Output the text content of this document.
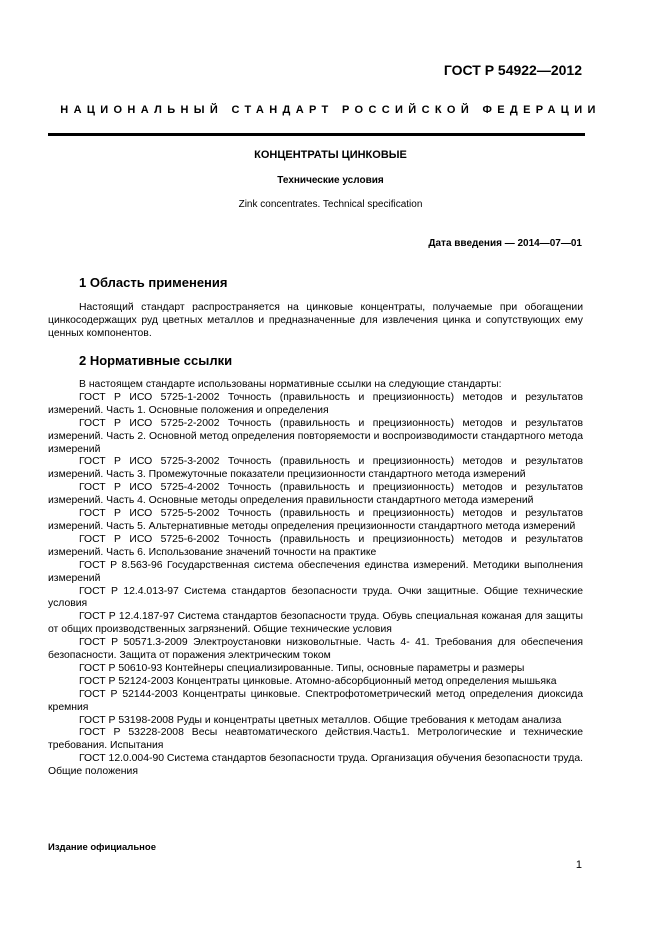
ГОСТ Р 54922—2012
НАЦИОНАЛЬНЫЙ СТАНДАРТ РОССИЙСКОЙ ФЕДЕРАЦИИ
КОНЦЕНТРАТЫ ЦИНКОВЫЕ
Технические условия
Zink concentrates. Technical specification
Дата введения — 2014—07—01
1 Область применения
Настоящий стандарт распространяется на цинковые концентраты, получаемые при обогащении цинкосодержащих руд цветных металлов и предназначенные для извлечения цинка и сопутствующих ему ценных компонентов.
2 Нормативные ссылки

В настоящем стандарте использованы нормативные ссылки на следующие стандарты:

ГОСТ Р ИСО 5725-1-2002 Точность (правильность и прецизионность) методов и результатов измерений. Часть 1. Основные положения и определения

ГОСТ Р ИСО 5725-2-2002 Точность (правильность и прецизионность) методов и результатов измерений. Часть 2. Основной метод определения повторяемости и воспроизводимости стандартного метода измерений

ГОСТ Р ИСО 5725-3-2002 Точность (правильность и прецизионность) методов и результатов измерений. Часть 3. Промежуточные показатели прецизионности стандартного метода измерений

ГОСТ Р ИСО 5725-4-2002 Точность (правильность и прецизионность) методов и результатов измерений. Часть 4. Основные методы определения правильности стандартного метода измерений

ГОСТ Р ИСО 5725-5-2002 Точность (правильность и прецизионность) методов и результатов измерений. Часть 5. Альтернативные методы определения прецизионности стандартного метода измерений

ГОСТ Р ИСО 5725-6-2002 Точность (правильность и прецизионность) методов и результатов измерений. Часть 6. Использование значений точности на практике

ГОСТ Р 8.563-96 Государственная система обеспечения единства измерений. Методики выполнения измерений

ГОСТ Р 12.4.013-97 Система стандартов безопасности труда. Очки защитные. Общие технические условия

ГОСТ Р 12.4.187-97 Система стандартов безопасности труда. Обувь специальная кожаная для защиты от общих производственных загрязнений. Общие технические условия

ГОСТ Р 50571.3-2009 Электроустановки низковольтные. Часть 4- 41. Требования для обеспечения безопасности. Защита от поражения электрическим током

ГОСТ Р 50610-93 Контейнеры специализированные. Типы, основные параметры и размеры

ГОСТ Р 52124-2003 Концентраты цинковые. Атомно-абсорбционный метод определения мышьяка

ГОСТ Р 52144-2003 Концентраты цинковые. Спектрофотометрический метод определения диоксида кремния

ГОСТ Р 53198-2008 Руды и концентраты цветных металлов. Общие требования к методам анализа

ГОСТ Р 53228-2008 Весы неавтоматического действия.Часть1. Метрологические и технические требования. Испытания

ГОСТ 12.0.004-90 Система стандартов безопасности труда. Организация обучения безопасности труда. Общие положения

Издание официальное
1
